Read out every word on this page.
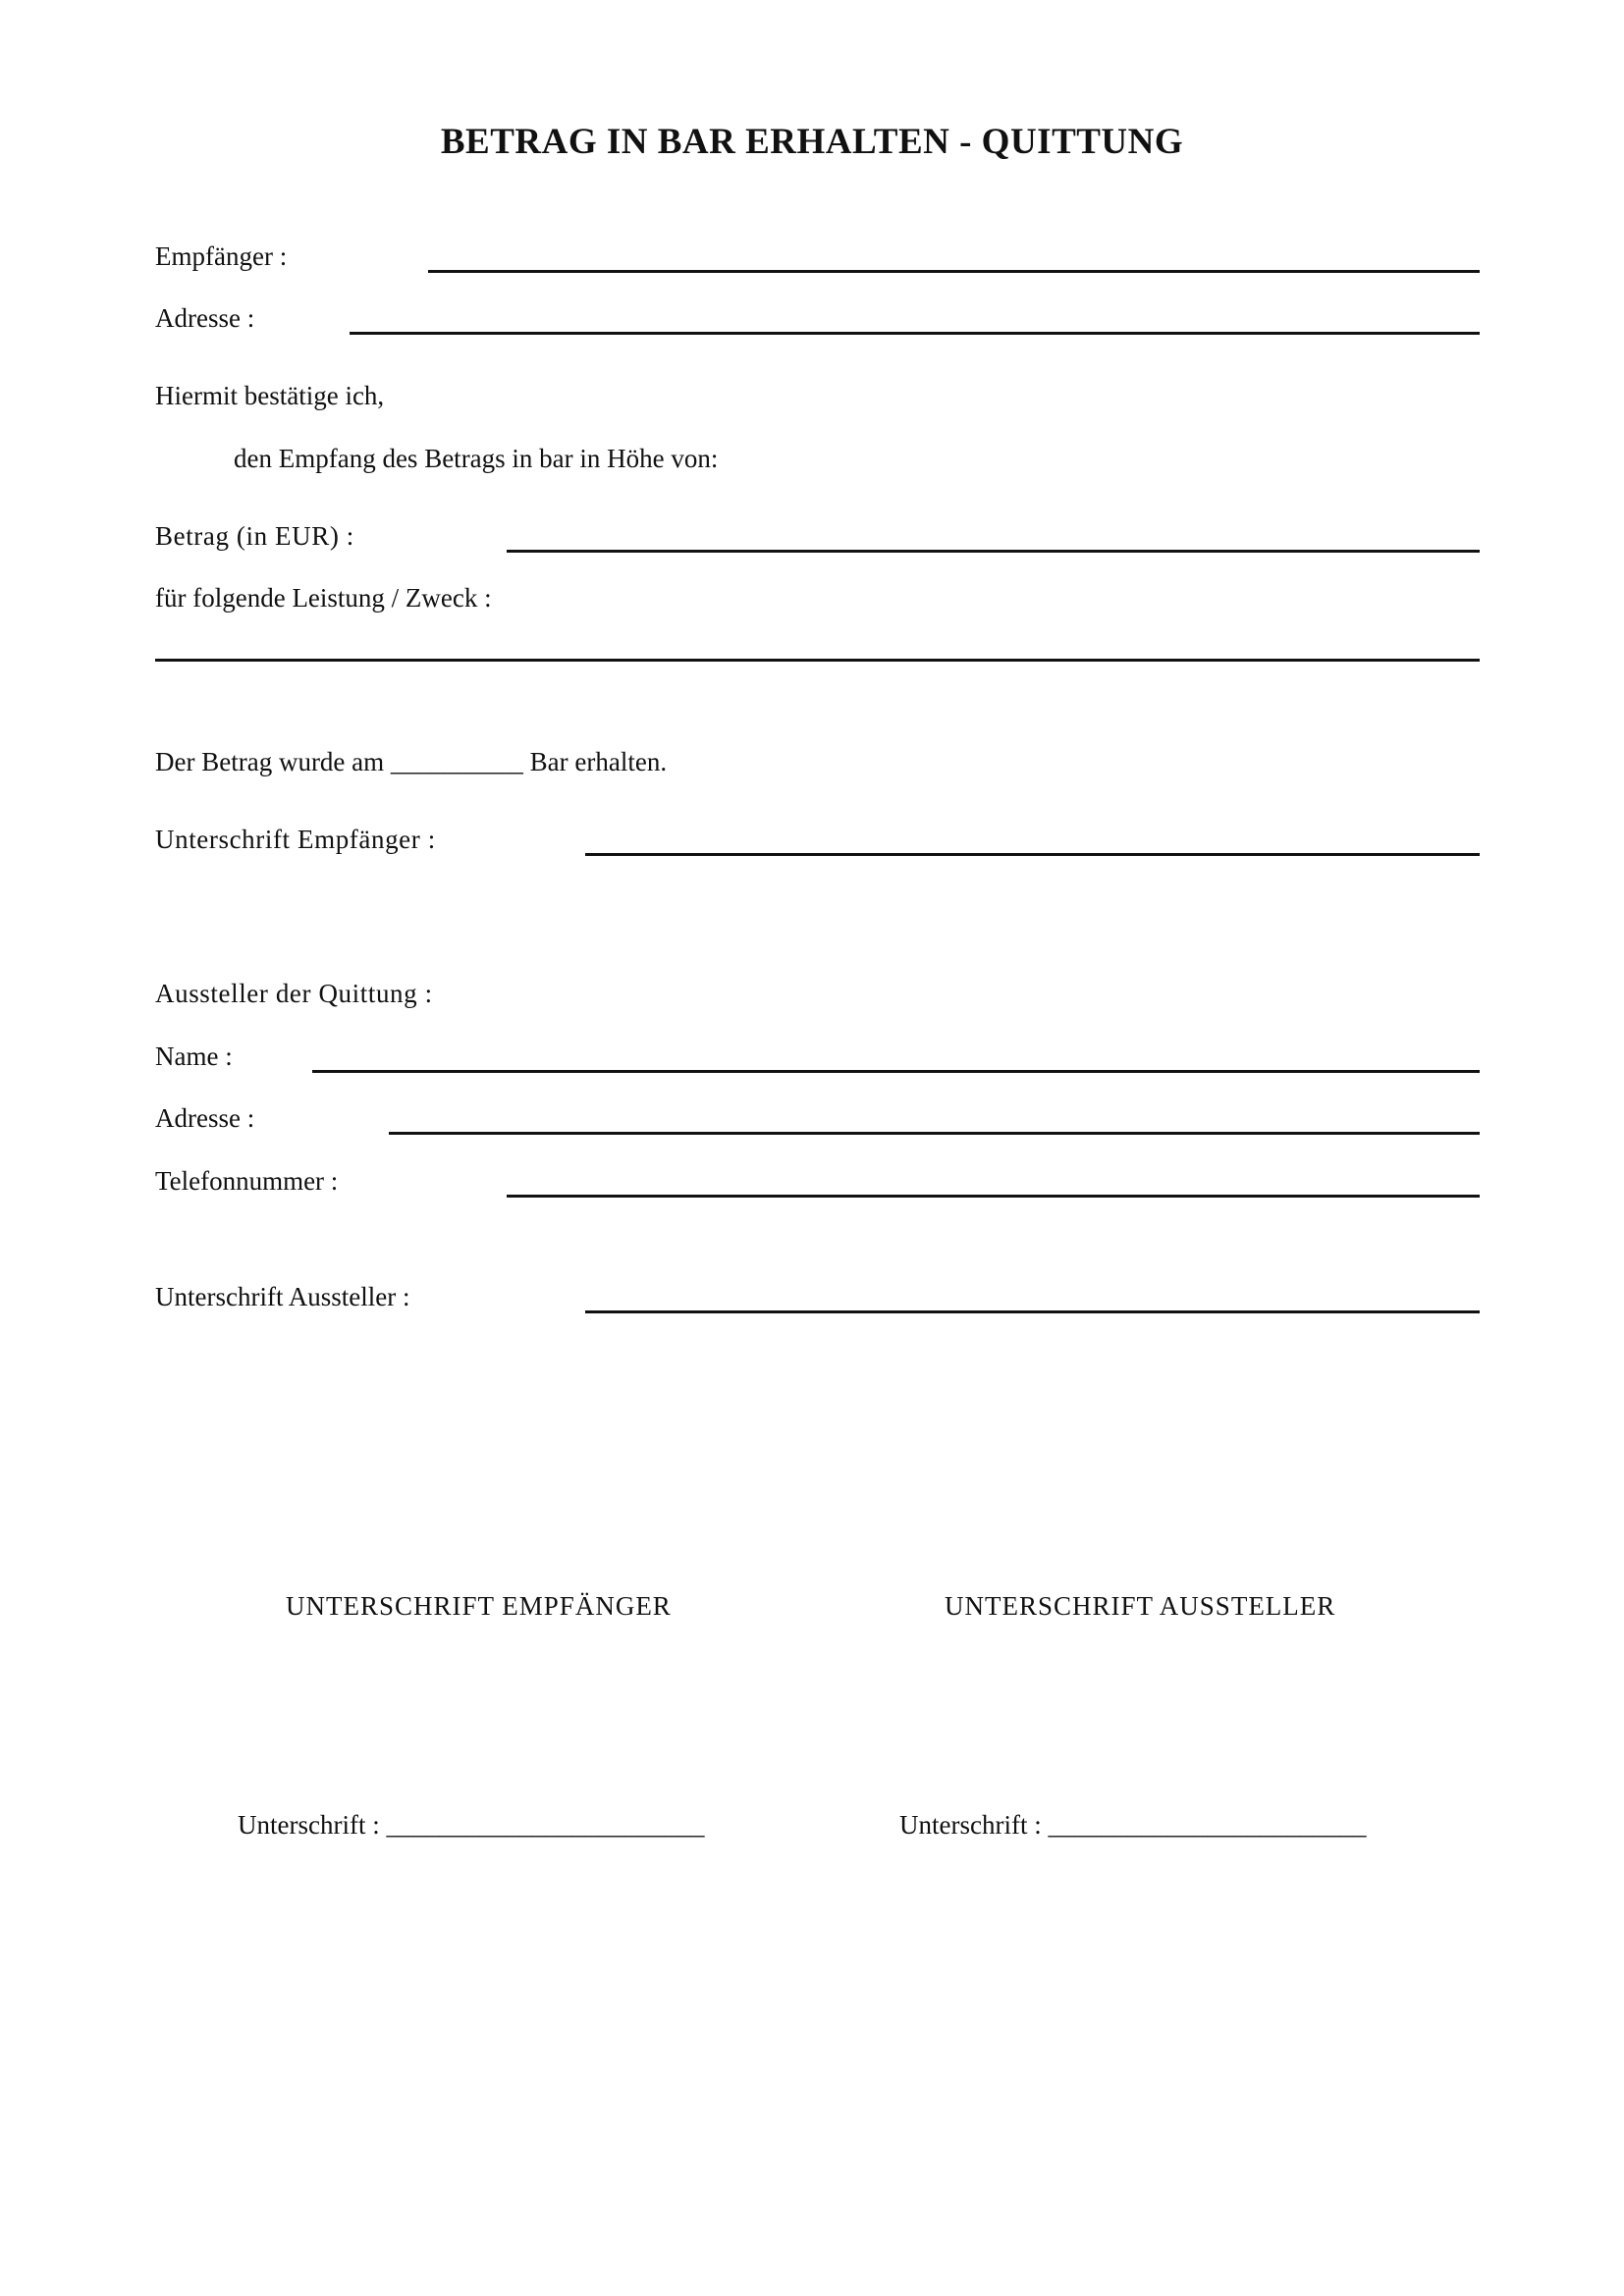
BETRAG IN BAR ERHALTEN - QUITTUNG

Empfänger :

Adresse :

Hiermit bestätige ich,

den Empfang des Betrags in bar in Höhe von:

Betrag (in EUR) :

für folgende Leistung / Zweck :

Der Betrag wurde am __________ Bar erhalten.

Unterschrift Empfänger :

Aussteller der Quittung :

Name :

Adresse :

Telefonnummer :

Unterschrift Aussteller :

UNTERSCHRIFT EMPFÄNGER	UNTERSCHRIFT AUSSTELLER

Unterschrift : ________________________	Unterschrift : ________________________
